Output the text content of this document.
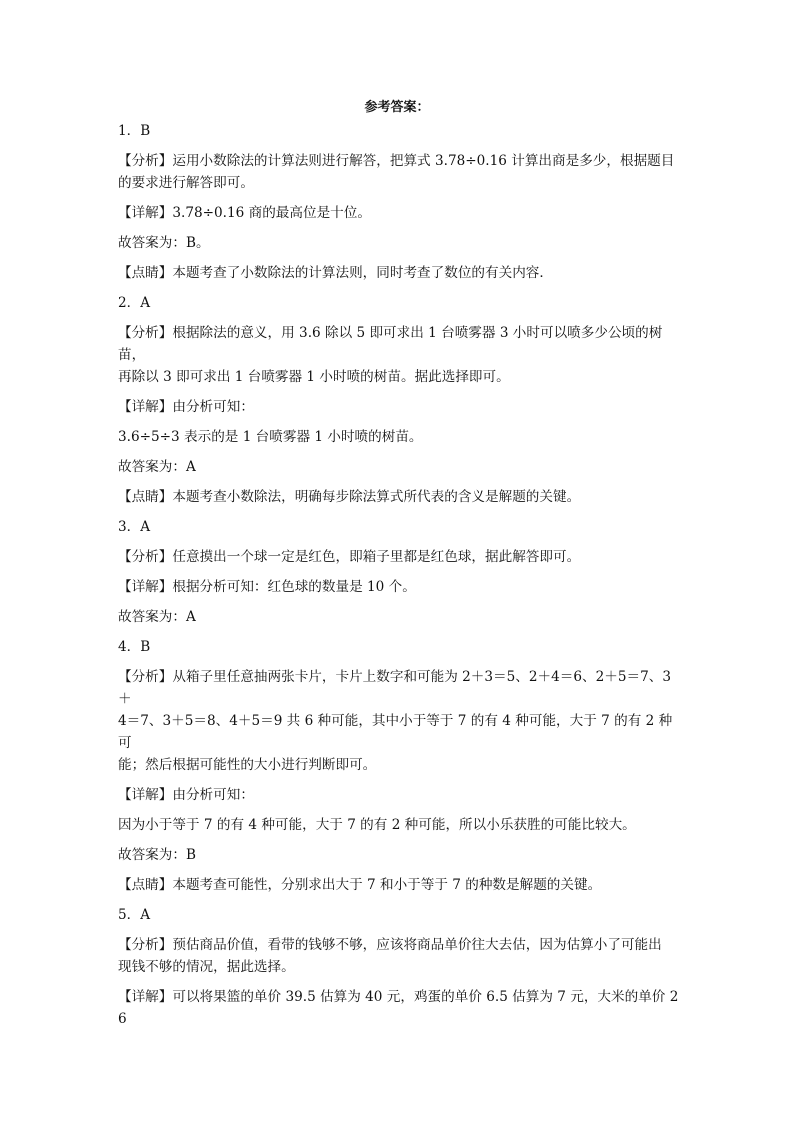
参考答案：
1．B
【分析】运用小数除法的计算法则进行解答，把算式 3.78÷0.16 计算出商是多少，根据题目
的要求进行解答即可。
【详解】3.78÷0.16 商的最高位是十位。
故答案为：B。
【点睛】本题考查了小数除法的计算法则，同时考查了数位的有关内容．
2．A
【分析】根据除法的意义，用 3.6 除以 5 即可求出 1 台喷雾器 3 小时可以喷多少公顷的树苗，
再除以 3 即可求出 1 台喷雾器 1 小时喷的树苗。据此选择即可。
【详解】由分析可知：
3.6÷5÷3 表示的是 1 台喷雾器 1 小时喷的树苗。
故答案为：A
【点睛】本题考查小数除法，明确每步除法算式所代表的含义是解题的关键。
3．A
【分析】任意摸出一个球一定是红色，即箱子里都是红色球，据此解答即可。
【详解】根据分析可知：红色球的数量是 10 个。
故答案为：A
4．B
【分析】从箱子里任意抽两张卡片，卡片上数字和可能为 2＋3＝5、2＋4＝6、2＋5＝7、3＋
4＝7、3＋5＝8、4＋5＝9 共 6 种可能，其中小于等于 7 的有 4 种可能，大于 7 的有 2 种可
能；然后根据可能性的大小进行判断即可。
【详解】由分析可知：
因为小于等于 7 的有 4 种可能，大于 7 的有 2 种可能，所以小乐获胜的可能比较大。
故答案为：B
【点睛】本题考查可能性，分别求出大于 7 和小于等于 7 的种数是解题的关键。
5．A
【分析】预估商品价值，看带的钱够不够，应该将商品单价往大去估，因为估算小了可能出
现钱不够的情况，据此选择。
【详解】可以将果篮的单价 39.5 估算为 40 元，鸡蛋的单价 6.5 估算为 7 元，大米的单价 26
